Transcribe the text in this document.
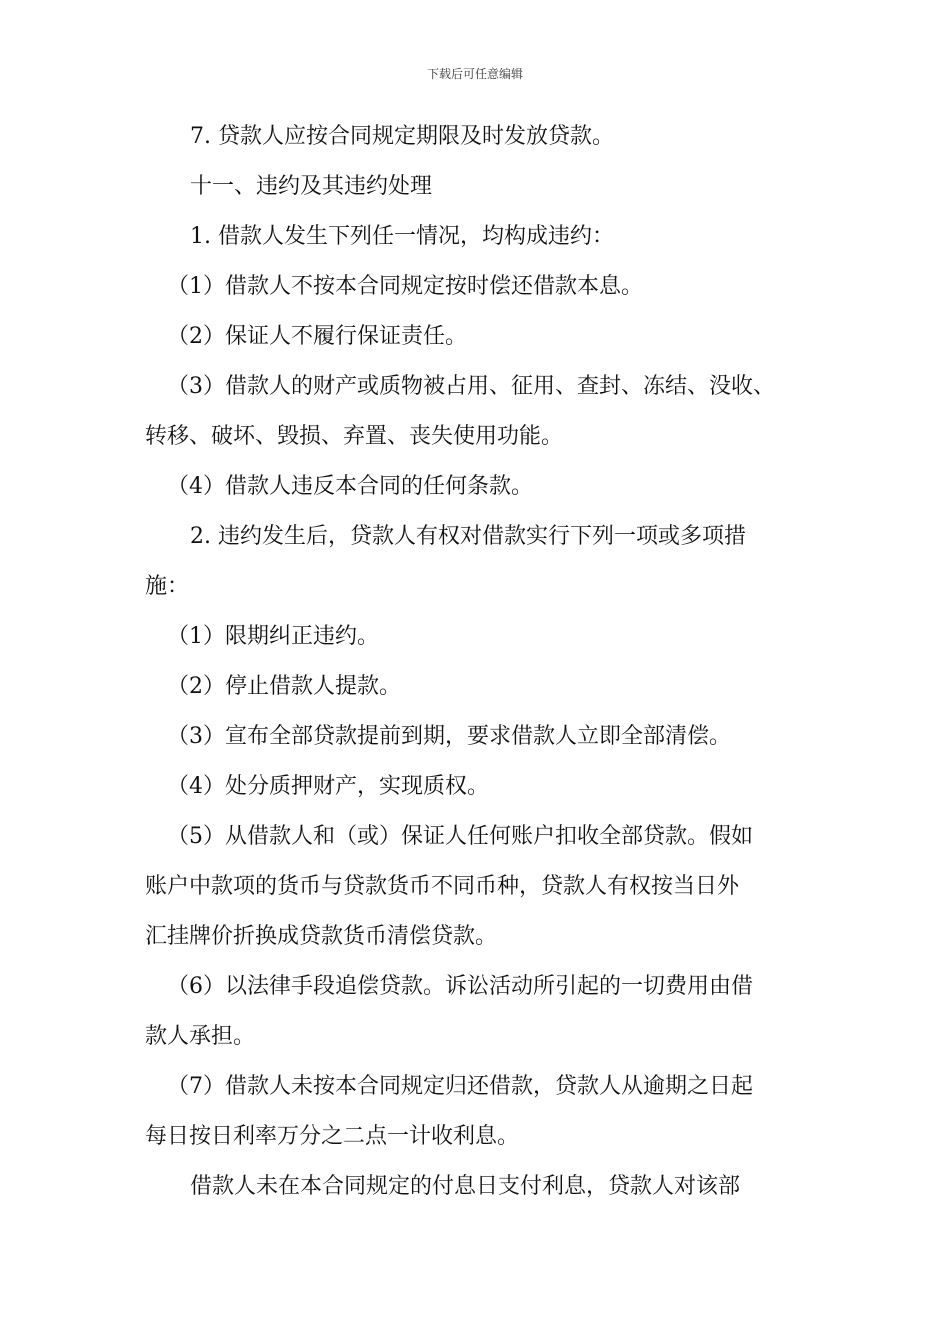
下载后可任意编辑
7. 贷款人应按合同规定期限及时发放贷款。
十一、违约及其违约处理
1. 借款人发生下列任一情况，均构成违约：
（1）借款人不按本合同规定按时偿还借款本息。
（2）保证人不履行保证责任。
（3）借款人的财产或质物被占用、征用、查封、冻结、没收、
转移、破坏、毁损、弃置、丧失使用功能。
（4）借款人违反本合同的任何条款。
2. 违约发生后，贷款人有权对借款实行下列一项或多项措
施：
（1）限期纠正违约。
（2）停止借款人提款。
（3）宣布全部贷款提前到期，要求借款人立即全部清偿。
（4）处分质押财产，实现质权。
（5）从借款人和（或）保证人任何账户扣收全部贷款。假如
账户中款项的货币与贷款货币不同币种，贷款人有权按当日外
汇挂牌价折换成贷款货币清偿贷款。
（6）以法律手段追偿贷款。诉讼活动所引起的一切费用由借
款人承担。
（7）借款人未按本合同规定归还借款，贷款人从逾期之日起
每日按日利率万分之二点一计收利息。
借款人未在本合同规定的付息日支付利息，贷款人对该部
